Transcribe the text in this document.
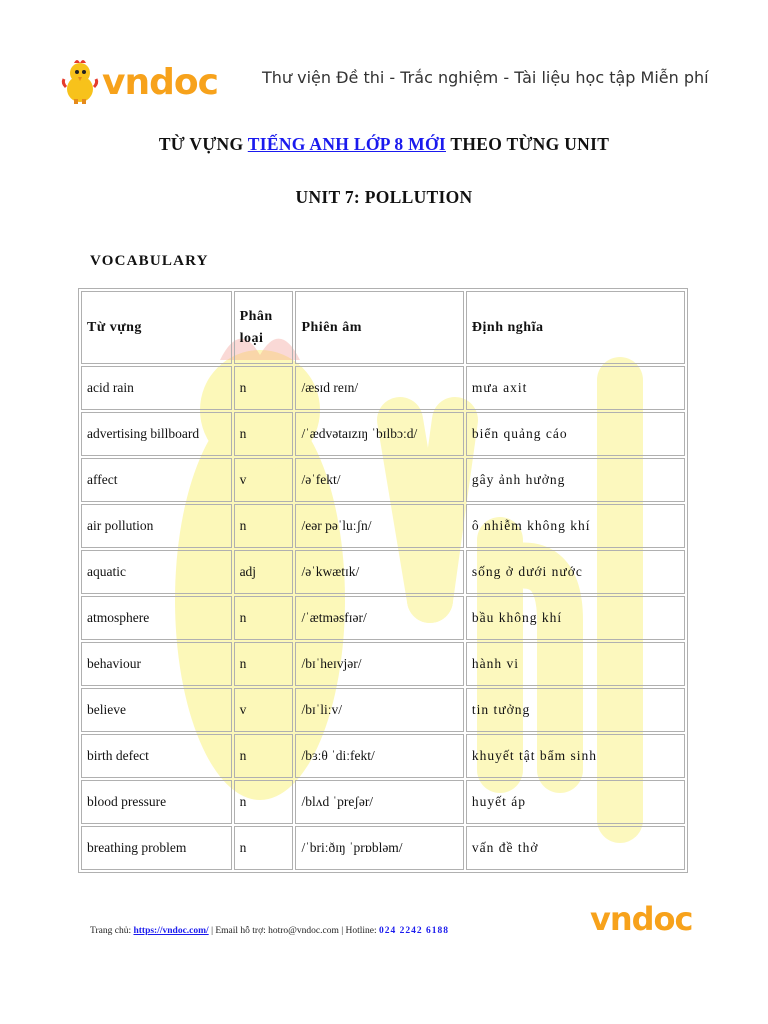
vndoc	Thư viện Đề thi - Trắc nghiệm - Tài liệu học tập Miễn phí
TỪ VỰNG TIẾNG ANH LỚP 8 MỚI THEO TỪNG UNIT
UNIT 7: POLLUTION
VOCABULARY
Từ vựng	Phân loại	Phiên âm	Định nghĩa

acid rain	n	/æsɪd reɪn/	mưa axit
advertising billboard	n	/ˈædvətaɪzɪŋ ˈbɪlbɔːd/	biển quảng cáo
affect	v	/əˈfekt/	gây ảnh hưởng
air pollution	n	/eər pəˈluːʃn/	ô nhiễm không khí
aquatic	adj	/əˈkwætɪk/	sống ở dưới nước
atmosphere	n	/ˈætməsfɪər/	bầu không khí
behaviour	n	/bɪˈheɪvjər/	hành vi
believe	v	/bɪˈliːv/	tin tưởng
birth defect	n	/bɜːθ ˈdiːfekt/	khuyết tật bẩm sinh
blood pressure	n	/blʌd ˈpreʃər/	huyết áp
breathing problem	n	/ˈbriːðɪŋ ˈprɒbləm/	vấn đề thở
Trang chủ: https://vndoc.com/ | Email hỗ trợ: hotro@vndoc.com | Hotline: 024 2242 6188	vndoc
